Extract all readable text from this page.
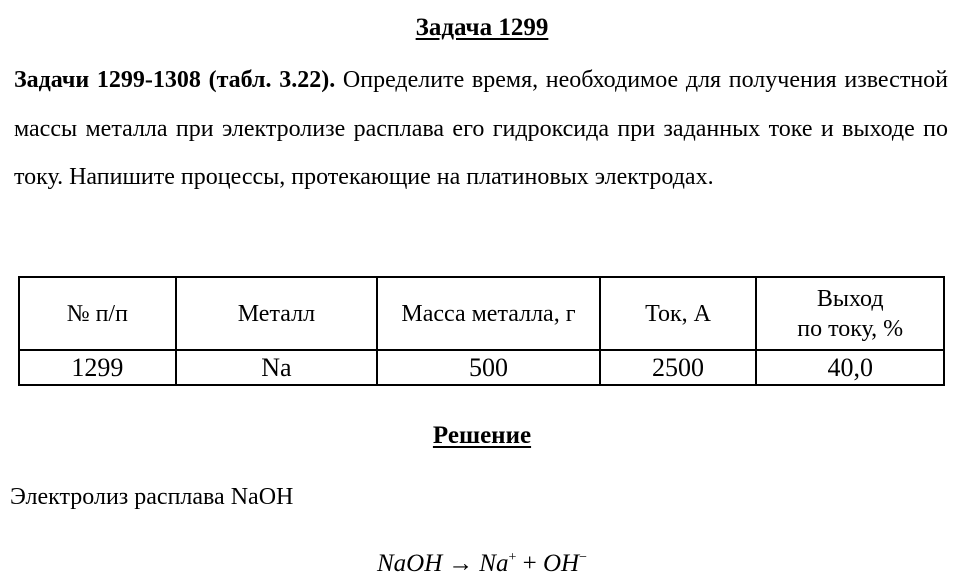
Задача 1299
Задачи 1299-1308 (табл. 3.22). Определите время, необходимое для получения известной массы металла при электролизе расплава его гидроксида при заданных токе и выходе по току. Напишите процессы, протекающие на платиновых электродах.
№ п/п	Металл	Масса металла, г	Ток, А	Выход
по току, %
1299	Na	500	2500	40,0
Решение
Электролиз расплава NaOH
NaOH → Na+ + OH−
